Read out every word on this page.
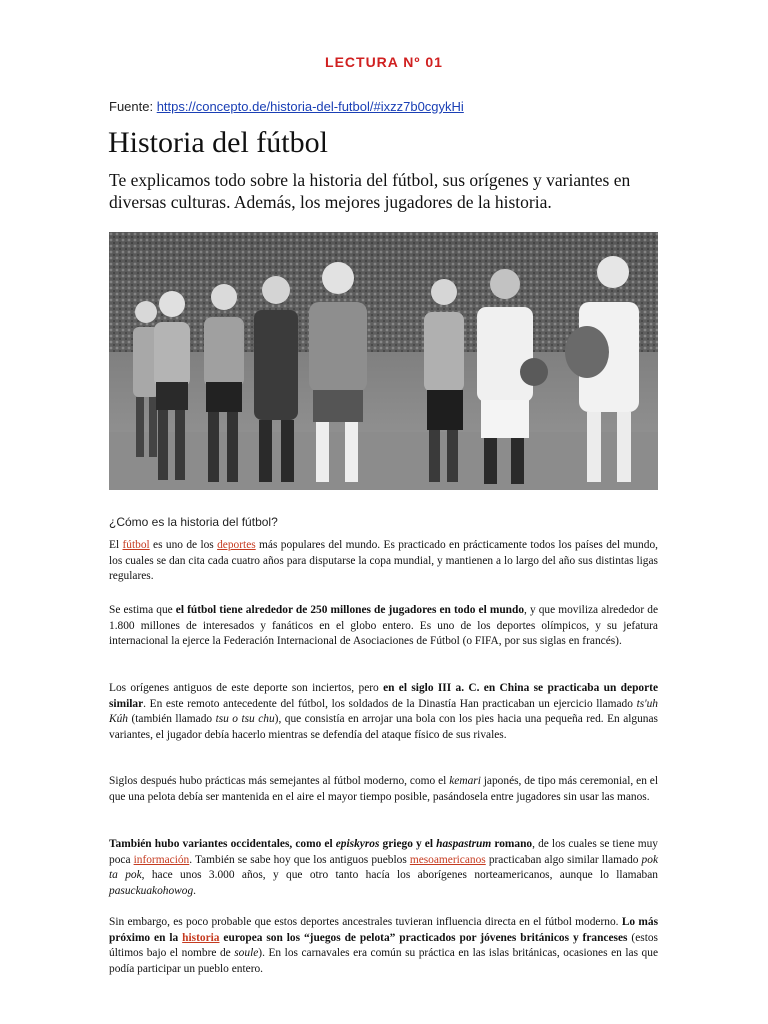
LECTURA Nº 01
Fuente: https://concepto.de/historia-del-futbol/#ixzz7b0cgykHi
Historia del fútbol
Te explicamos todo sobre la historia del fútbol, sus orígenes y variantes en diversas culturas. Además, los mejores jugadores de la historia.
¿Cómo es la historia del fútbol?

El fútbol es uno de los deportes más populares del mundo. Es practicado en prácticamente todos los países del mundo, los cuales se dan cita cada cuatro años para disputarse la copa mundial, y mantienen a lo largo del año sus distintas ligas regulares.

Se estima que el fútbol tiene alrededor de 250 millones de jugadores en todo el mundo, y que moviliza alrededor de 1.800 millones de interesados y fanáticos en el globo entero. Es uno de los deportes olímpicos, y su jefatura internacional la ejerce la Federación Internacional de Asociaciones de Fútbol (o FIFA, por sus siglas en francés).

Los orígenes antiguos de este deporte son inciertos, pero en el siglo III a. C. en China se practicaba un deporte similar. En este remoto antecedente del fútbol, los soldados de la Dinastía Han practicaban un ejercicio llamado ts'uh Kúh (también llamado tsu o tsu chu), que consistía en arrojar una bola con los pies hacia una pequeña red. En algunas variantes, el jugador debía hacerlo mientras se defendía del ataque físico de sus rivales.

Siglos después hubo prácticas más semejantes al fútbol moderno, como el kemari japonés, de tipo más ceremonial, en el que una pelota debía ser mantenida en el aire el mayor tiempo posible, pasándosela entre jugadores sin usar las manos.

También hubo variantes occidentales, como el episkyros griego y el haspastrum romano, de los cuales se tiene muy poca información. También se sabe hoy que los antiguos pueblos mesoamericanos practicaban algo similar llamado pok ta pok, hace unos 3.000 años, y que otro tanto hacía los aborígenes norteamericanos, aunque lo llamaban pasuckuakohowog.

Sin embargo, es poco probable que estos deportes ancestrales tuvieran influencia directa en el fútbol moderno. Lo más próximo en la historia europea son los “juegos de pelota” practicados por jóvenes británicos y franceses (estos últimos bajo el nombre de soule). En los carnavales era común su práctica en las islas británicas, ocasiones en las que podía participar un pueblo entero.
